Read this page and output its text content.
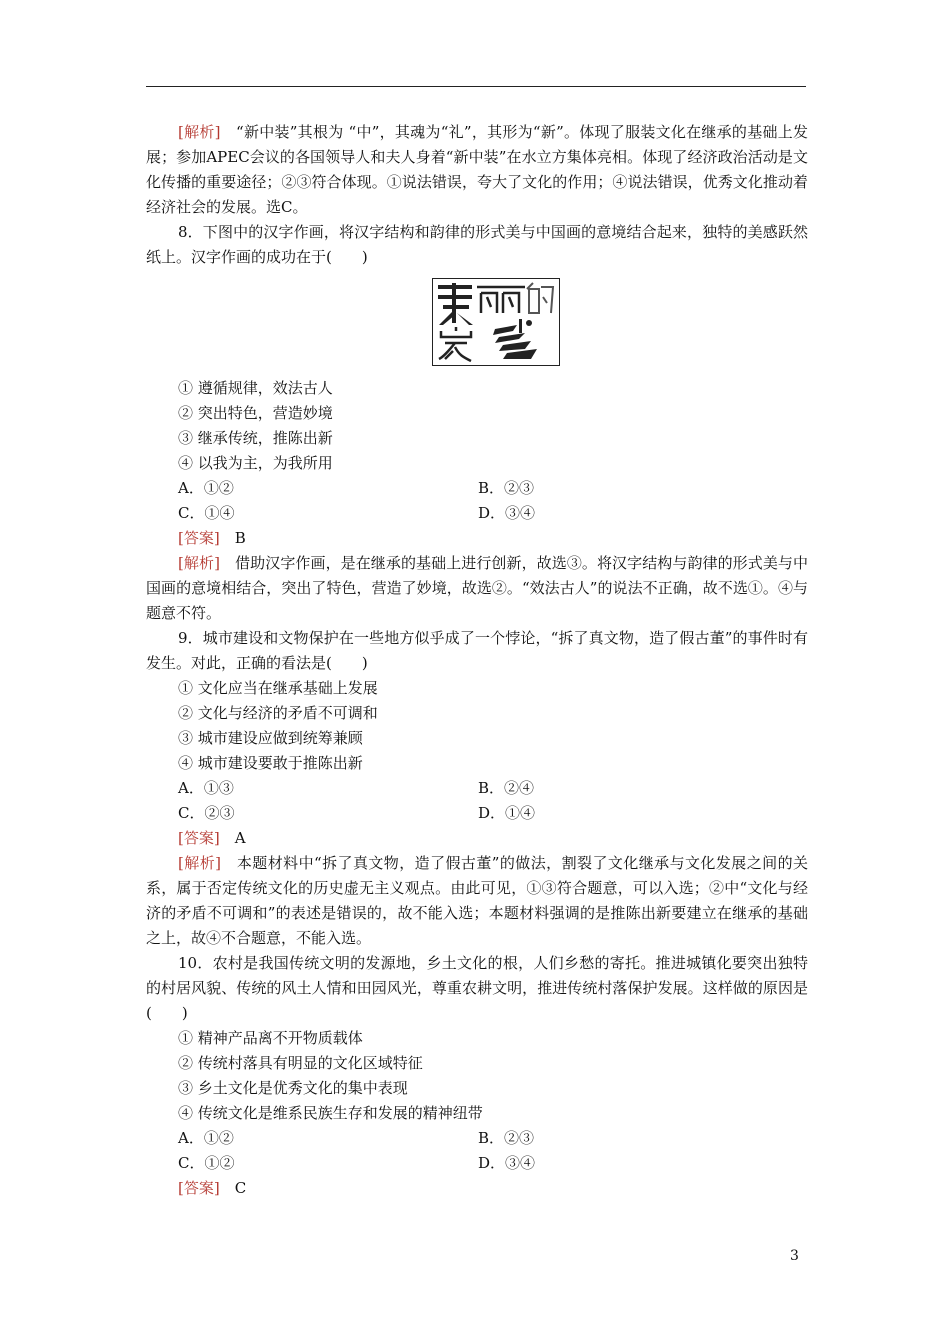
[解析]　“新中装”其根为 “中”，其魂为“礼”，其形为“新”。体现了服装文化在继承的基础上发展；参加APEC会议的各国领导人和夫人身着“新中装”在水立方集体亮相。体现了经济政治活动是文化传播的重要途径；②③符合体现。①说法错误，夸大了文化的作用；④说法错误，优秀文化推动着经济社会的发展。选C。

8．下图中的汉字作画，将汉字结构和韵律的形式美与中国画的意境结合起来，独特的美感跃然纸上。汉字作画的成功在于(　　)

① 遵循规律，效法古人

② 突出特色，营造妙境

③ 继承传统，推陈出新

④ 以我为主，为我所用

A．①②	B．②③
C．①④	D．③④

[答案]　B

[解析]　借助汉字作画，是在继承的基础上进行创新，故选③。将汉字结构与韵律的形式美与中国画的意境相结合，突出了特色，营造了妙境，故选②。“效法古人”的说法不正确，故不选①。④与题意不符。

9．城市建设和文物保护在一些地方似乎成了一个悖论，“拆了真文物，造了假古董”的事件时有发生。对此，正确的看法是(　　)

① 文化应当在继承基础上发展

② 文化与经济的矛盾不可调和

③ 城市建设应做到统筹兼顾

④ 城市建设要敢于推陈出新

A．①③	B．②④
C．②③	D．①④

[答案]　A

[解析]　本题材料中“拆了真文物，造了假古董”的做法，割裂了文化继承与文化发展之间的关系，属于否定传统文化的历史虚无主义观点。由此可见，①③符合题意，可以入选；②中“文化与经济的矛盾不可调和”的表述是错误的，故不能入选；本题材料强调的是推陈出新要建立在继承的基础之上，故④不合题意，不能入选。

10．农村是我国传统文明的发源地，乡土文化的根，人们乡愁的寄托。推进城镇化要突出独特的村居风貌、传统的风土人情和田园风光，尊重农耕文明，推进传统村落保护发展。这样做的原因是(　　)

① 精神产品离不开物质载体

② 传统村落具有明显的文化区域特征

③ 乡土文化是优秀文化的集中表现

④ 传统文化是维系民族生存和发展的精神纽带

A．①②	B．②③
C．①②	D．③④

[答案]　C

3
